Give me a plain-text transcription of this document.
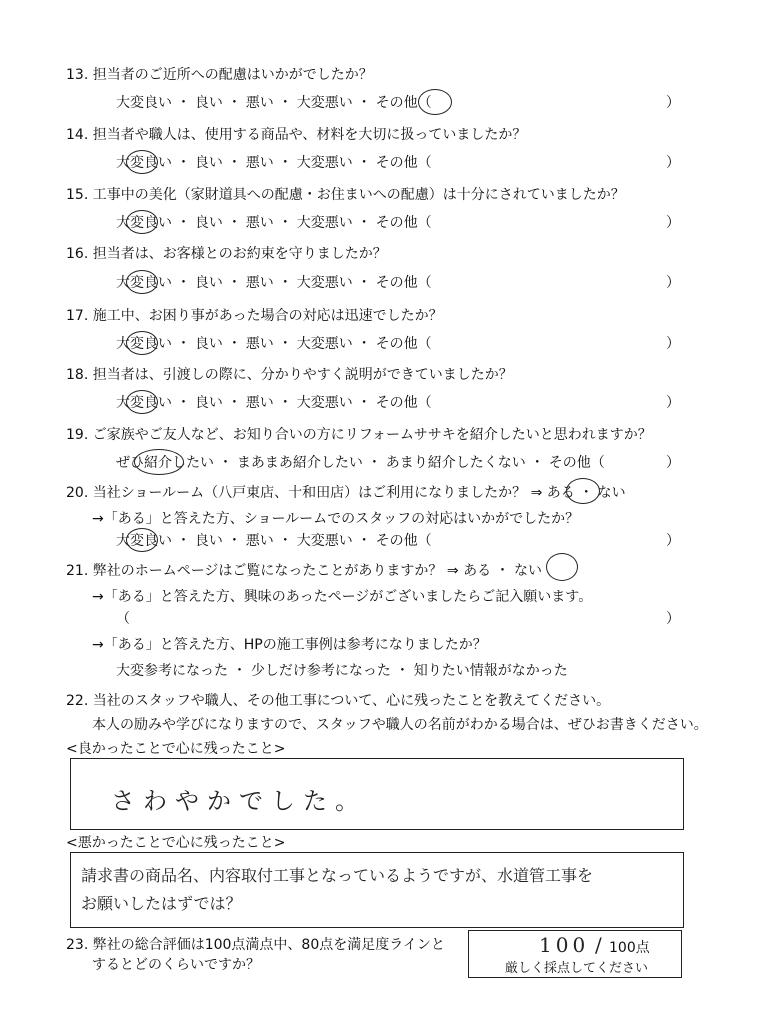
13. 担当者のご近所への配慮はいかがでしたか？
大変良い ・ 良い ・ 悪い ・ 大変悪い ・ その他（	）
14. 担当者や職人は、使用する商品や、材料を大切に扱っていましたか？
大変良い ・ 良い ・ 悪い ・ 大変悪い ・ その他（	）
15. 工事中の美化（家財道具への配慮・お住まいへの配慮）は十分にされていましたか？
大変良い ・ 良い ・ 悪い ・ 大変悪い ・ その他（	）
16. 担当者は、お客様とのお約束を守りましたか？
大変良い ・ 良い ・ 悪い ・ 大変悪い ・ その他（	）
17. 施工中、お困り事があった場合の対応は迅速でしたか？
大変良い ・ 良い ・ 悪い ・ 大変悪い ・ その他（	）
18. 担当者は、引渡しの際に、分かりやすく説明ができていましたか？
大変良い ・ 良い ・ 悪い ・ 大変悪い ・ その他（	）
19. ご家族やご友人など、お知り合いの方にリフォームササキを紹介したいと思われますか？
ぜひ紹介したい ・ まあまあ紹介したい ・ あまり紹介したくない ・ その他（	）
20. 当社ショールーム（八戸東店、十和田店）はご利用になりましたか？ ⇒ ある ・ ない
→「ある」と答えた方、ショールームでのスタッフの対応はいかがでしたか？
大変良い ・ 良い ・ 悪い ・ 大変悪い ・ その他（	）
21. 弊社のホームページはご覧になったことがありますか？ ⇒ ある ・ ない
→「ある」と答えた方、興味のあったページがございましたらご記入願います。
（	）
→「ある」と答えた方、HPの施工事例は参考になりましたか？
大変参考になった ・ 少しだけ参考になった ・ 知りたい情報がなかった
22. 当社のスタッフや職人、その他工事について、心に残ったことを教えてください。
本人の励みや学びになりますので、スタッフや職人の名前がわかる場合は、ぜひお書きください。
<良かったことで心に残ったこと>
さわやかでした。
<悪かったことで心に残ったこと>
請求書の商品名、内容取付工事となっているようですが、水道管工事を
お願いしたはずでは？
23. 弊社の総合評価は100点満点中、80点を満足度ラインと
するとどのくらいですか？
100 / 100点
厳しく採点してください
